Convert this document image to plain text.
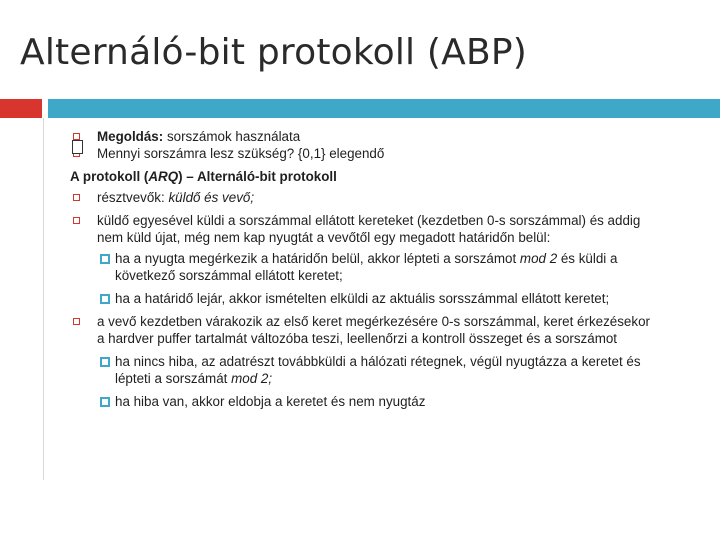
Alternáló-bit protokoll (ABP)
Megoldás: sorszámok használata
Mennyi sorszámra lesz szükség? {0,1} elegendő
A protokoll (ARQ) – Alternáló-bit protokoll
résztvevők: küldő és vevő;
küldő egyesével küldi a sorszámmal ellátott kereteket (kezdetben 0-s sorszámmal) és addig nem küld újat, még nem kap nyugtát a vevőtől egy megadott határidőn belül:
ha a nyugta megérkezik a határidőn belül, akkor lépteti a sorszámot mod 2 és küldi a következő sorszámmal ellátott keretet;
ha a határidő lejár, akkor ismételten elküldi az aktuális sorsszámmal ellátott keretet;
a vevő kezdetben várakozik az első keret megérkezésére 0-s sorszámmal, keret érkezésekor a hardver puffer tartalmát változóba teszi, leellenőrzi a kontroll összeget és a sorszámot
ha nincs hiba, az adatrészt továbbküldi a hálózati rétegnek, végül nyugtázza a keretet és lépteti a sorszámát mod 2;
ha hiba van, akkor eldobja a keretet és nem nyugtáz
